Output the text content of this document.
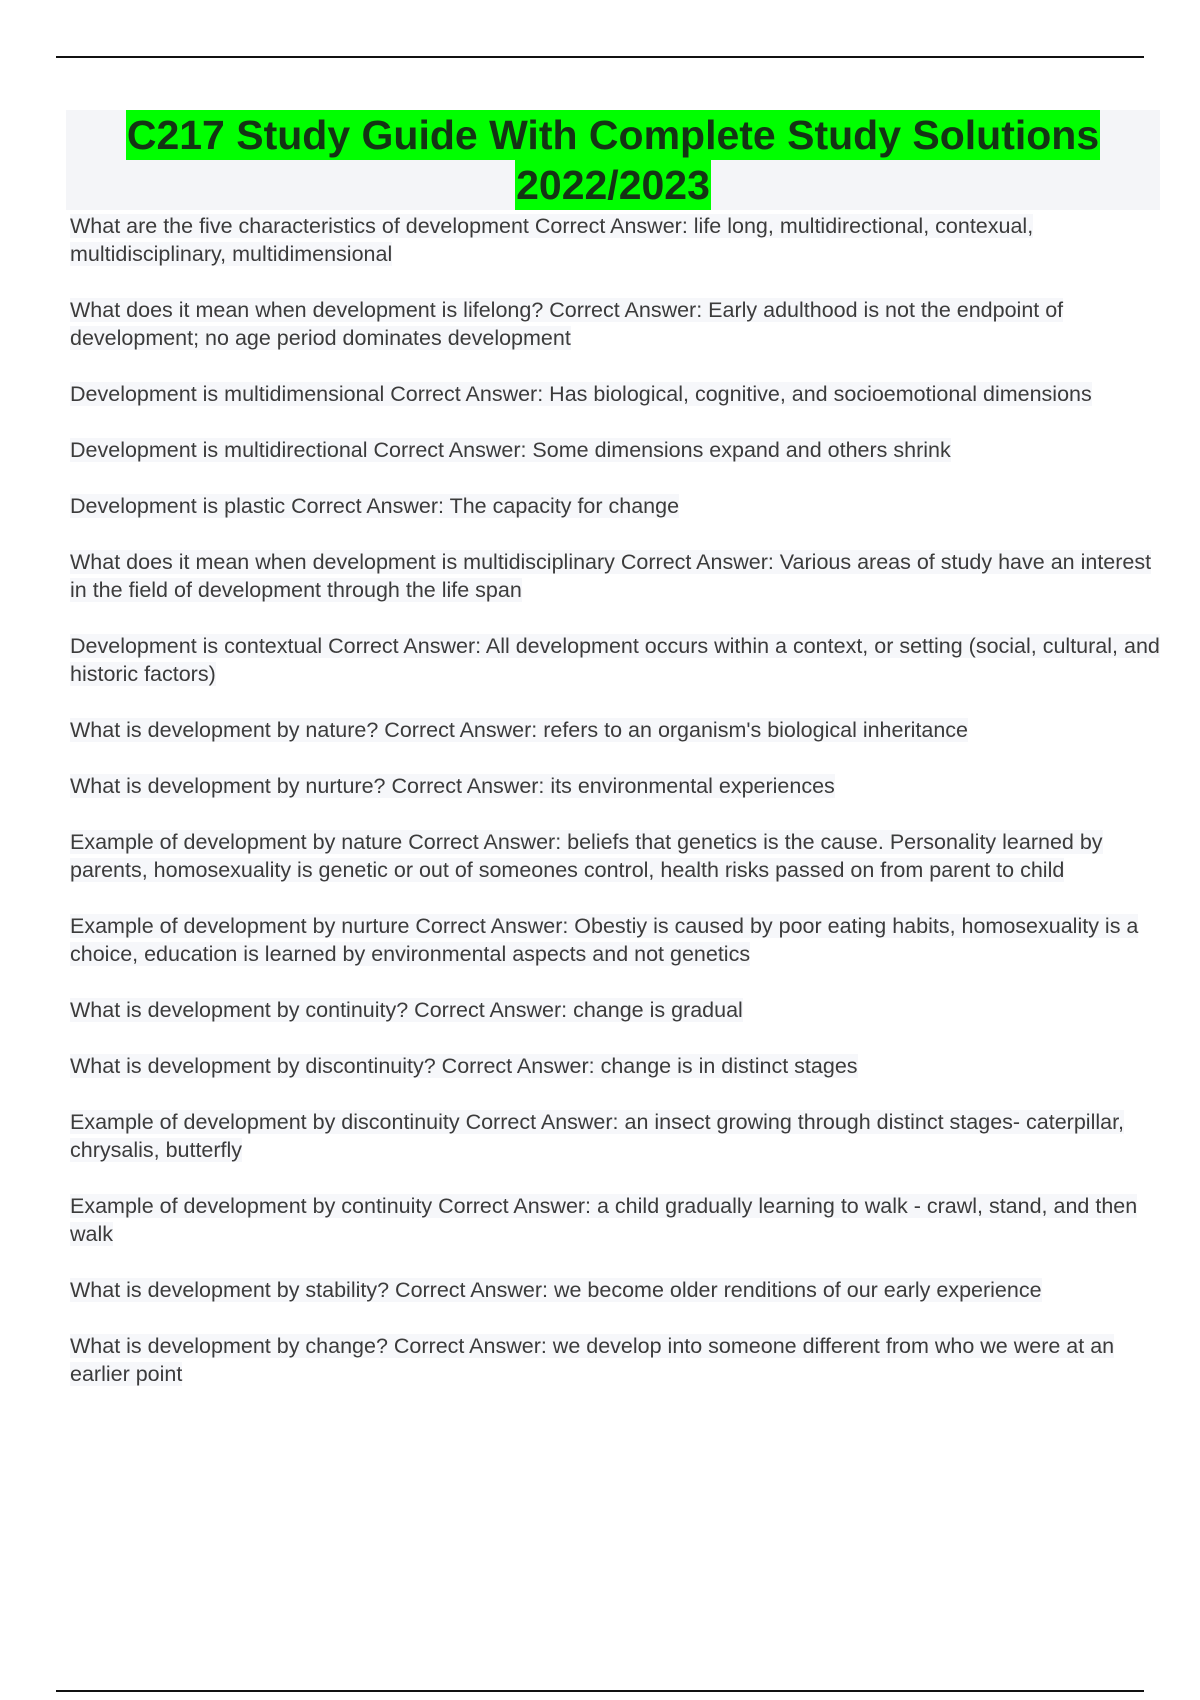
C217 Study Guide With Complete Study Solutions
2022/2023
What are the five characteristics of development Correct Answer: life long, multidirectional, contexual, multidisciplinary, multidimensional
What does it mean when development is lifelong? Correct Answer: Early adulthood is not the endpoint of development; no age period dominates development
Development is multidimensional Correct Answer: Has biological, cognitive, and socioemotional dimensions
Development is multidirectional Correct Answer: Some dimensions expand and others shrink
Development is plastic Correct Answer: The capacity for change
What does it mean when development is multidisciplinary Correct Answer: Various areas of study have an interest in the field of development through the life span
Development is contextual Correct Answer: All development occurs within a context, or setting (social, cultural, and historic factors)
What is development by nature? Correct Answer: refers to an organism's biological inheritance
What is development by nurture? Correct Answer: its environmental experiences
Example of development by nature Correct Answer: beliefs that genetics is the cause. Personality learned by parents, homosexuality is genetic or out of someones control, health risks passed on from parent to child
Example of development by nurture Correct Answer: Obestiy is caused by poor eating habits, homosexuality is a choice, education is learned by environmental aspects and not genetics
What is development by continuity? Correct Answer: change is gradual
What is development by discontinuity? Correct Answer: change is in distinct stages
Example of development by discontinuity Correct Answer: an insect growing through distinct stages- caterpillar, chrysalis, butterfly
Example of development by continuity Correct Answer: a child gradually learning to walk - crawl, stand, and then walk
What is development by stability? Correct Answer: we become older renditions of our early experience
What is development by change? Correct Answer: we develop into someone different from who we were at an earlier point
